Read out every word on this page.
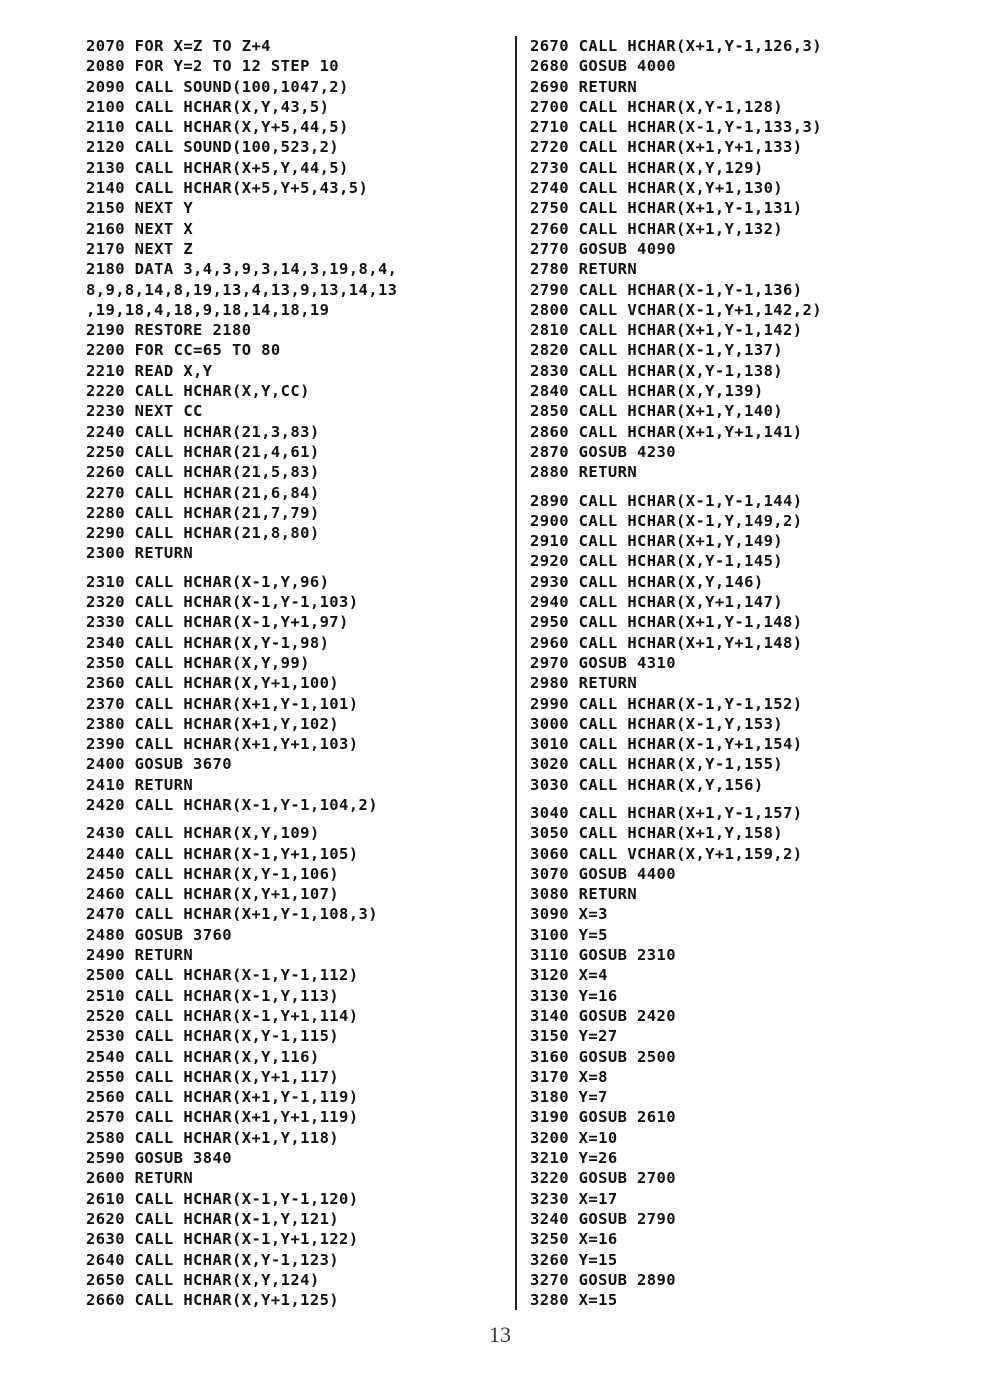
2070 FOR X=Z TO Z+4
2080 FOR Y=2 TO 12 STEP 10
2090 CALL SOUND(100,1047,2)
2100 CALL HCHAR(X,Y,43,5)
2110 CALL HCHAR(X,Y+5,44,5)
2120 CALL SOUND(100,523,2)
2130 CALL HCHAR(X+5,Y,44,5)
2140 CALL HCHAR(X+5,Y+5,43,5)
2150 NEXT Y
2160 NEXT X
2170 NEXT Z
2180 DATA 3,4,3,9,3,14,3,19,8,4,
8,9,8,14,8,19,13,4,13,9,13,14,13
,19,18,4,18,9,18,14,18,19
2190 RESTORE 2180
2200 FOR CC=65 TO 80
2210 READ X,Y
2220 CALL HCHAR(X,Y,CC)
2230 NEXT CC
2240 CALL HCHAR(21,3,83)
2250 CALL HCHAR(21,4,61)
2260 CALL HCHAR(21,5,83)
2270 CALL HCHAR(21,6,84)
2280 CALL HCHAR(21,7,79)
2290 CALL HCHAR(21,8,80)
2300 RETURN
2310 CALL HCHAR(X-1,Y,96)
2320 CALL HCHAR(X-1,Y-1,103)
2330 CALL HCHAR(X-1,Y+1,97)
2340 CALL HCHAR(X,Y-1,98)
2350 CALL HCHAR(X,Y,99)
2360 CALL HCHAR(X,Y+1,100)
2370 CALL HCHAR(X+1,Y-1,101)
2380 CALL HCHAR(X+1,Y,102)
2390 CALL HCHAR(X+1,Y+1,103)
2400 GOSUB 3670
2410 RETURN
2420 CALL HCHAR(X-1,Y-1,104,2)
2430 CALL HCHAR(X,Y,109)
2440 CALL HCHAR(X-1,Y+1,105)
2450 CALL HCHAR(X,Y-1,106)
2460 CALL HCHAR(X,Y+1,107)
2470 CALL HCHAR(X+1,Y-1,108,3)
2480 GOSUB 3760
2490 RETURN
2500 CALL HCHAR(X-1,Y-1,112)
2510 CALL HCHAR(X-1,Y,113)
2520 CALL HCHAR(X-1,Y+1,114)
2530 CALL HCHAR(X,Y-1,115)
2540 CALL HCHAR(X,Y,116)
2550 CALL HCHAR(X,Y+1,117)
2560 CALL HCHAR(X+1,Y-1,119)
2570 CALL HCHAR(X+1,Y+1,119)
2580 CALL HCHAR(X+1,Y,118)
2590 GOSUB 3840
2600 RETURN
2610 CALL HCHAR(X-1,Y-1,120)
2620 CALL HCHAR(X-1,Y,121)
2630 CALL HCHAR(X-1,Y+1,122)
2640 CALL HCHAR(X,Y-1,123)
2650 CALL HCHAR(X,Y,124)
2660 CALL HCHAR(X,Y+1,125)
2670 CALL HCHAR(X+1,Y-1,126,3)
2680 GOSUB 4000
2690 RETURN
2700 CALL HCHAR(X,Y-1,128)
2710 CALL HCHAR(X-1,Y-1,133,3)
2720 CALL HCHAR(X+1,Y+1,133)
2730 CALL HCHAR(X,Y,129)
2740 CALL HCHAR(X,Y+1,130)
2750 CALL HCHAR(X+1,Y-1,131)
2760 CALL HCHAR(X+1,Y,132)
2770 GOSUB 4090
2780 RETURN
2790 CALL HCHAR(X-1,Y-1,136)
2800 CALL VCHAR(X-1,Y+1,142,2)
2810 CALL HCHAR(X+1,Y-1,142)
2820 CALL HCHAR(X-1,Y,137)
2830 CALL HCHAR(X,Y-1,138)
2840 CALL HCHAR(X,Y,139)
2850 CALL HCHAR(X+1,Y,140)
2860 CALL HCHAR(X+1,Y+1,141)
2870 GOSUB 4230
2880 RETURN
2890 CALL HCHAR(X-1,Y-1,144)
2900 CALL HCHAR(X-1,Y,149,2)
2910 CALL HCHAR(X+1,Y,149)
2920 CALL HCHAR(X,Y-1,145)
2930 CALL HCHAR(X,Y,146)
2940 CALL HCHAR(X,Y+1,147)
2950 CALL HCHAR(X+1,Y-1,148)
2960 CALL HCHAR(X+1,Y+1,148)
2970 GOSUB 4310
2980 RETURN
2990 CALL HCHAR(X-1,Y-1,152)
3000 CALL HCHAR(X-1,Y,153)
3010 CALL HCHAR(X-1,Y+1,154)
3020 CALL HCHAR(X,Y-1,155)
3030 CALL HCHAR(X,Y,156)
3040 CALL HCHAR(X+1,Y-1,157)
3050 CALL HCHAR(X+1,Y,158)
3060 CALL VCHAR(X,Y+1,159,2)
3070 GOSUB 4400
3080 RETURN
3090 X=3
3100 Y=5
3110 GOSUB 2310
3120 X=4
3130 Y=16
3140 GOSUB 2420
3150 Y=27
3160 GOSUB 2500
3170 X=8
3180 Y=7
3190 GOSUB 2610
3200 X=10
3210 Y=26
3220 GOSUB 2700
3230 X=17
3240 GOSUB 2790
3250 X=16
3260 Y=15
3270 GOSUB 2890
3280 X=15
13
